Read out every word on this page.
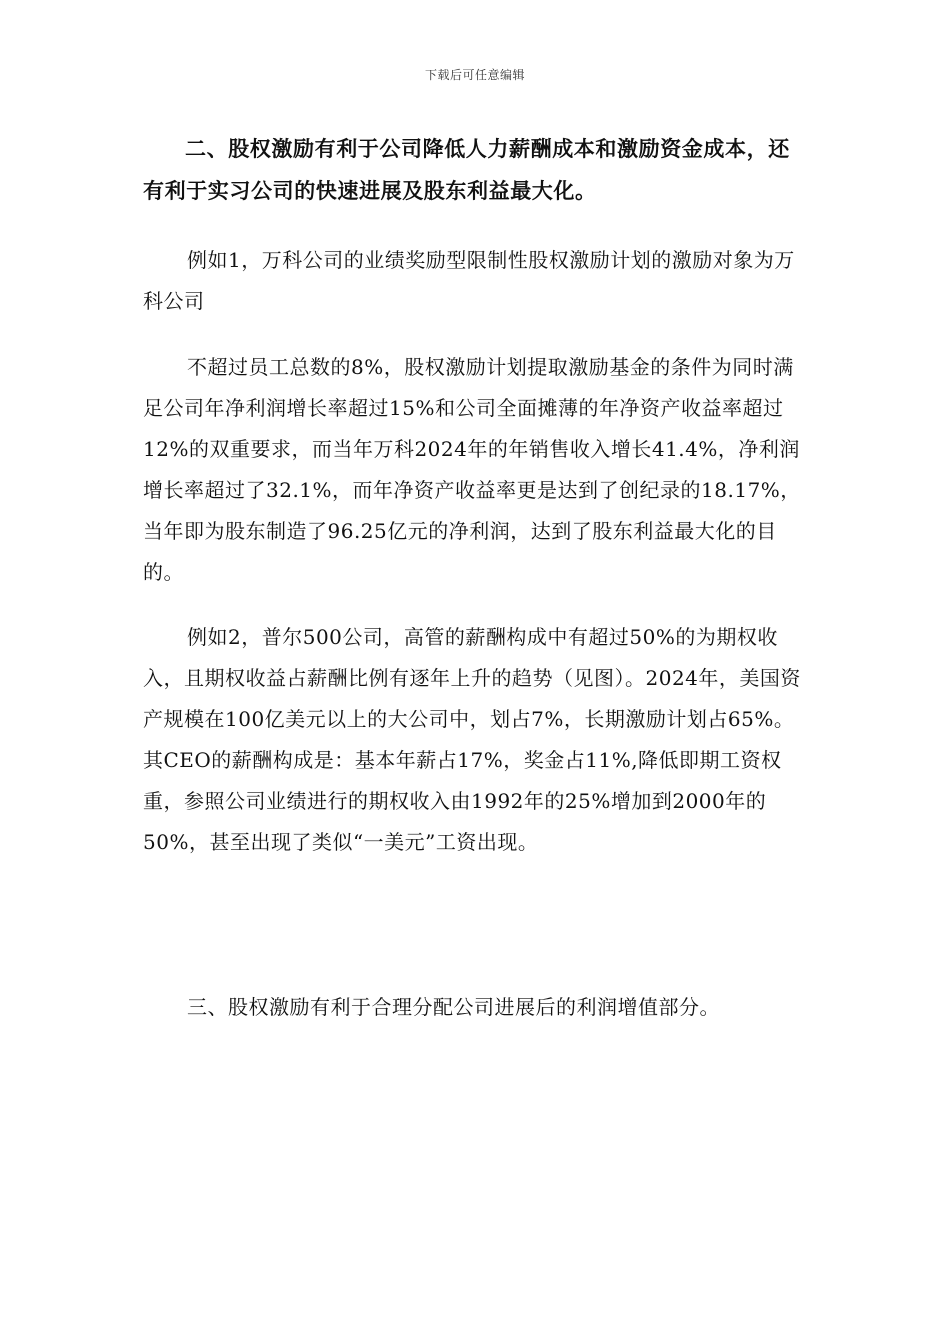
下载后可任意编辑

二、股权激励有利于公司降低人力薪酬成本和激励资金成本，还有利于实习公司的快速进展及股东利益最大化。

例如1，万科公司的业绩奖励型限制性股权激励计划的激励对象为万科公司

不超过员工总数的8%，股权激励计划提取激励基金的条件为同时满足公司年净利润增长率超过15%和公司全面摊薄的年净资产收益率超过12%的双重要求，而当年万科2024年的年销售收入增长41.4%，净利润增长率超过了32.1%，而年净资产收益率更是达到了创纪录的18.17%，当年即为股东制造了96.25亿元的净利润，达到了股东利益最大化的目的。

例如2，普尔500公司，高管的薪酬构成中有超过50%的为期权收入，且期权收益占薪酬比例有逐年上升的趋势（见图）。2024年，美国资产规模在100亿美元以上的大公司中，划占7%，长期激励计划占65%。其CEO的薪酬构成是：基本年薪占17%，奖金占11%,降低即期工资权重，参照公司业绩进行的期权收入由1992年的25%增加到2000年的50%，甚至出现了类似“一美元”工资出现。

三、股权激励有利于合理分配公司进展后的利润增值部分。
